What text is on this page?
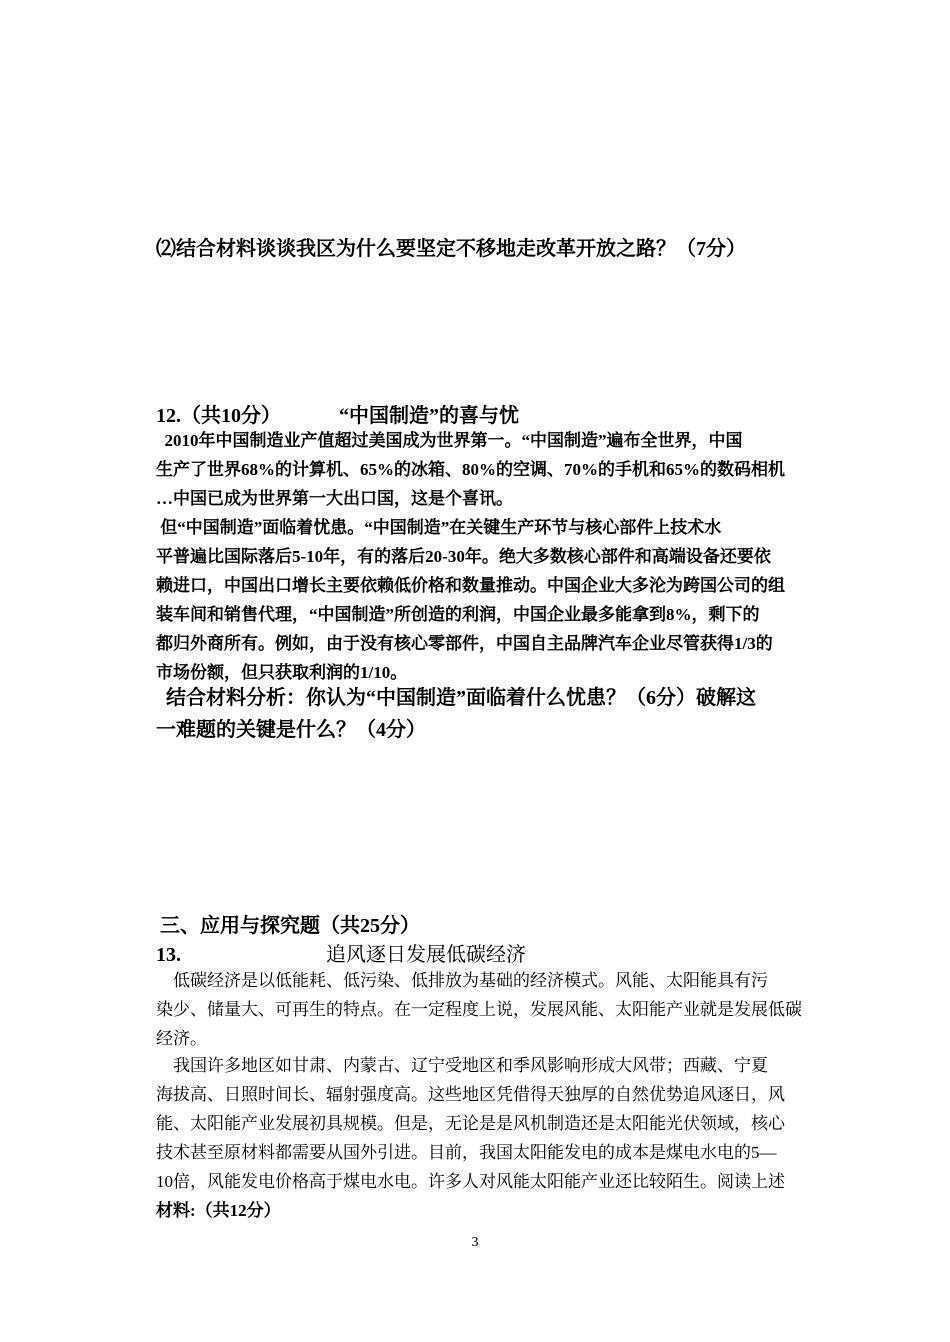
⑵结合材料谈谈我区为什么要坚定不移地走改革开放之路？（7分）
12.（共10分）	“中国制造”的喜与忧
2010年中国制造业产值超过美国成为世界第一。“中国制造”遍布全世界，中国
生产了世界68%的计算机、65%的冰箱、80%的空调、70%的手机和65%的数码相机
…中国已成为世界第一大出口国，这是个喜讯。
但“中国制造”面临着忧患。“中国制造”在关键生产环节与核心部件上技术水
平普遍比国际落后5-10年，有的落后20-30年。绝大多数核心部件和高端设备还要依
赖进口，中国出口增长主要依赖低价格和数量推动。中国企业大多沦为跨国公司的组
装车间和销售代理，“中国制造”所创造的利润，中国企业最多能拿到8%，剩下的
都归外商所有。例如，由于没有核心零部件，中国自主品牌汽车企业尽管获得1/3的
市场份额，但只获取利润的1/10。
结合材料分析：你认为“中国制造”面临着什么忧患？（6分）破解这
一难题的关键是什么？（4分）
三、应用与探究题（共25分）
13.	追风逐日发展低碳经济
低碳经济是以低能耗、低污染、低排放为基础的经济模式。风能、太阳能具有污
染少、储量大、可再生的特点。在一定程度上说，发展风能、太阳能产业就是发展低碳
经济。
我国许多地区如甘肃、内蒙古、辽宁受地区和季风影响形成大风带；西藏、宁夏
海拔高、日照时间长、辐射强度高。这些地区凭借得天独厚的自然优势追风逐日，风
能、太阳能产业发展初具规模。但是，无论是是风机制造还是太阳能光伏领域，核心
技术甚至原材料都需要从国外引进。目前，我国太阳能发电的成本是煤电水电的5—
10倍，风能发电价格高于煤电水电。许多人对风能太阳能产业还比较陌生。阅读上述
材料:（共12分）
3
